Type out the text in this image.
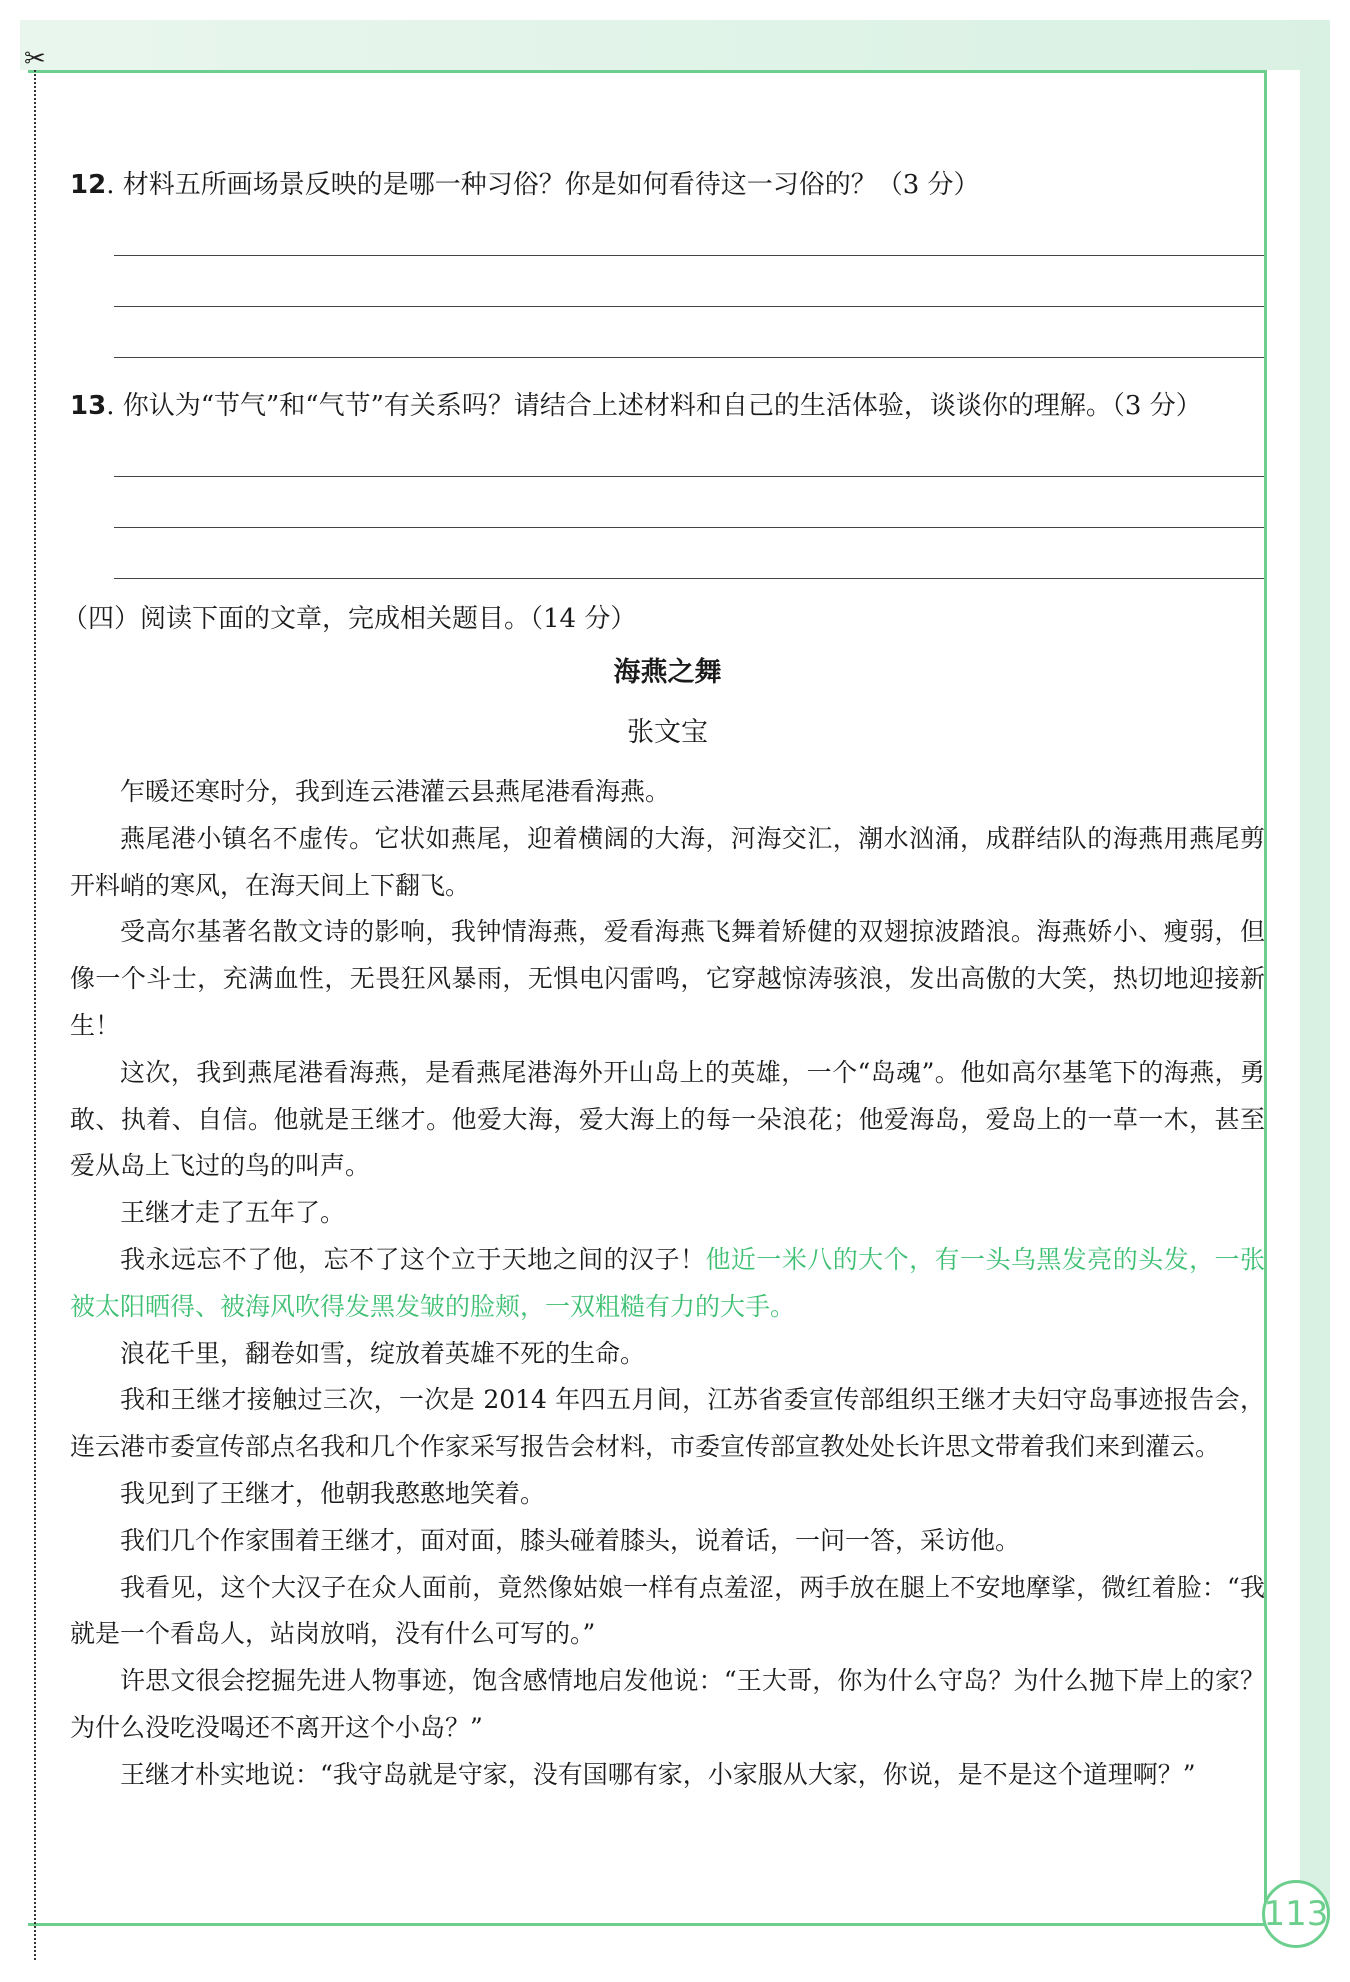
✂
12. 材料五所画场景反映的是哪一种习俗？你是如何看待这一习俗的？（3 分）
13. 你认为“节气”和“气节”有关系吗？请结合上述材料和自己的生活体验，谈谈你的理解。（3 分）
（四）阅读下面的文章，完成相关题目。（14 分）
海燕之舞
张文宝

乍暖还寒时分，我到连云港灌云县燕尾港看海燕。

燕尾港小镇名不虚传。它状如燕尾，迎着横阔的大海，河海交汇，潮水汹涌，成群结队的海燕用燕尾剪开料峭的寒风，在海天间上下翻飞。

受高尔基著名散文诗的影响，我钟情海燕，爱看海燕飞舞着矫健的双翅掠波踏浪。海燕娇小、瘦弱，但像一个斗士，充满血性，无畏狂风暴雨，无惧电闪雷鸣，它穿越惊涛骇浪，发出高傲的大笑，热切地迎接新生！

这次，我到燕尾港看海燕，是看燕尾港海外开山岛上的英雄，一个“岛魂”。他如高尔基笔下的海燕，勇敢、执着、自信。他就是王继才。他爱大海，爱大海上的每一朵浪花；他爱海岛，爱岛上的一草一木，甚至爱从岛上飞过的鸟的叫声。

王继才走了五年了。

我永远忘不了他，忘不了这个立于天地之间的汉子！他近一米八的大个，有一头乌黑发亮的头发，一张被太阳晒得、被海风吹得发黑发皱的脸颊，一双粗糙有力的大手。

浪花千里，翻卷如雪，绽放着英雄不死的生命。

我和王继才接触过三次，一次是 2014 年四五月间，江苏省委宣传部组织王继才夫妇守岛事迹报告会，连云港市委宣传部点名我和几个作家采写报告会材料，市委宣传部宣教处处长许思文带着我们来到灌云。

我见到了王继才，他朝我憨憨地笑着。

我们几个作家围着王继才，面对面，膝头碰着膝头，说着话，一问一答，采访他。

我看见，这个大汉子在众人面前，竟然像姑娘一样有点羞涩，两手放在腿上不安地摩挲，微红着脸：“我就是一个看岛人，站岗放哨，没有什么可写的。”

许思文很会挖掘先进人物事迹，饱含感情地启发他说：“王大哥，你为什么守岛？为什么抛下岸上的家？为什么没吃没喝还不离开这个小岛？”

王继才朴实地说：“我守岛就是守家，没有国哪有家，小家服从大家，你说，是不是这个道理啊？”

113
